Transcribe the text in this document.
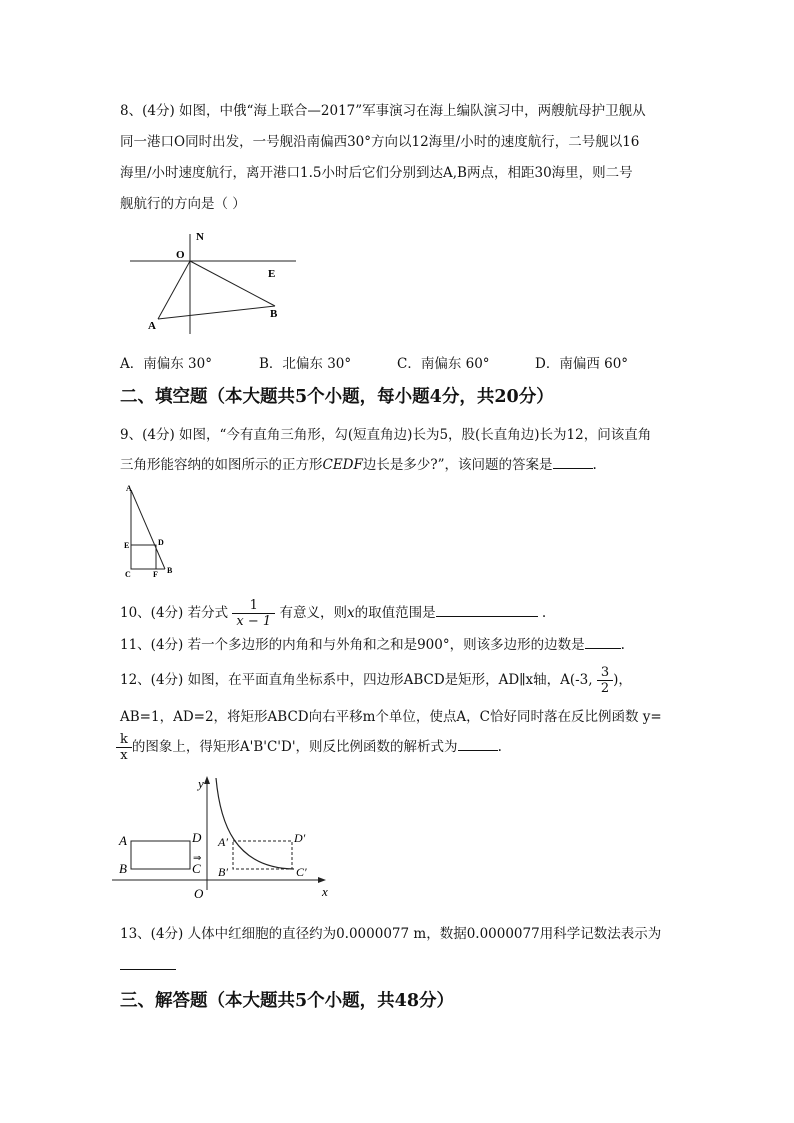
8、(4分) 如图，中俄“海上联合—2017”军事演习在海上编队演习中，两艘航母护卫舰从
同一港口O同时出发，一号舰沿南偏西30°方向以12海里/小时的速度航行，二号舰以16
海里/小时速度航行，离开港口1.5小时后它们分别到达A,B两点，相距30海里，则二号
舰航行的方向是（ ）
N
O
E
A
B
A．南偏东 30°	B．北偏东 30°	C．南偏东 60°	D．南偏西 60°
二、填空题（本大题共5个小题，每小题4分，共20分）
9、(4分) 如图，“今有直角三角形，勾(短直角边)长为5，股(长直角边)长为12，问该直角
三角形能容纳的如图所示的正方形CEDF边长是多少?”，该问题的答案是	.
A
E	D
C	F B
10、(4分) 若分式 $\frac{1}{x - 1}$ 有意义，则x的取值范围是	.
11、(4分) 若一个多边形的内角和与外角和之和是900°，则该多边形的边数是	.
12、(4分) 如图，在平面直角坐标系中，四边形ABCD是矩形，AD∥x轴，A(-3, $\frac{3}{2}$ )，
AB=1，AD=2，将矩形ABCD向右平移m个单位，使点A，C恰好同时落在反比例函数 y=
$\frac{k}{x}$ 的图象上，得矩形A'B'C'D'，则反比例函数的解析式为	.
y
x
O
A
B	C
D
⇒
A′
B′	C′
D′
13、(4分) 人体中红细胞的直径约为0.0000077 m，数据0.0000077用科学记数法表示为
三、解答题（本大题共5个小题，共48分）
